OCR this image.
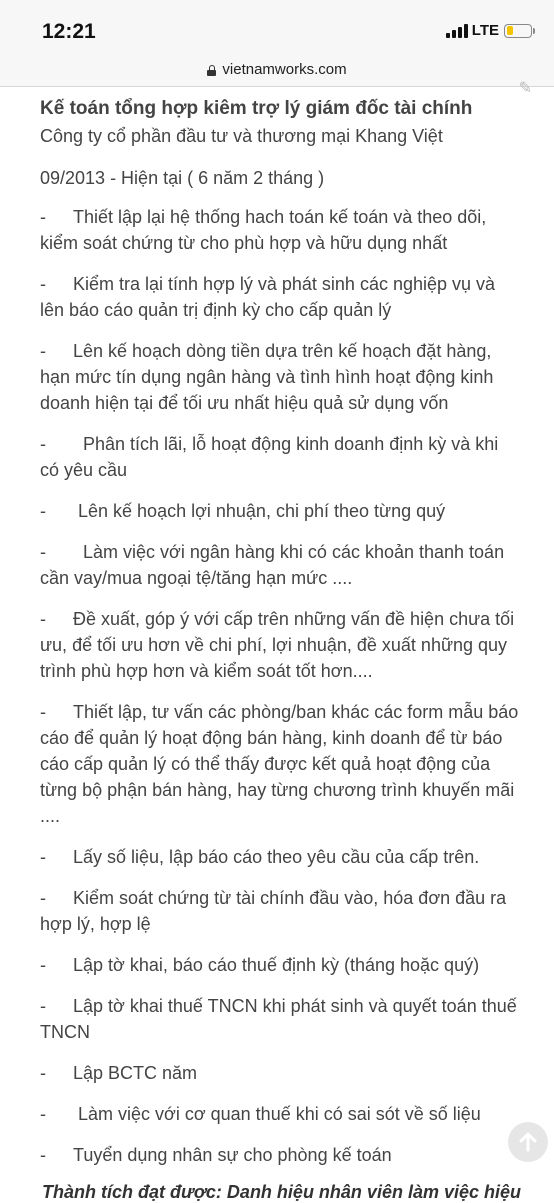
12:21	LTE
vietnamworks.com
✎
Kế toán tổng hợp kiêm trợ lý giám đốc tài chính

Công ty cổ phần đầu tư và thương mại Khang Việt

09/2013 - Hiện tại ( 6 năm 2 tháng )

- Thiết lập lại hệ thống hach toán kế toán và theo dõi, kiểm soát chứng từ cho phù hợp và hữu dụng nhất

- Kiểm tra lại tính hợp lý và phát sinh các nghiệp vụ và lên báo cáo quản trị định kỳ cho cấp quản lý

- Lên kế hoạch dòng tiền dựa trên kế hoạch đặt hàng, hạn mức tín dụng ngân hàng và tình hình hoạt động kinh doanh hiện tại để tối ưu nhất hiệu quả sử dụng vốn

- Phân tích lãi, lỗ hoạt động kinh doanh định kỳ và khi có yêu cầu

- Lên kế hoạch lợi nhuận, chi phí theo từng quý

- Làm việc với ngân hàng khi có các khoản thanh toán cần vay/mua ngoại tệ/tăng hạn mức ....

- Đề xuất, góp ý với cấp trên những vấn đề hiện chưa tối ưu, để tối ưu hơn về chi phí, lợi nhuận, đề xuất những quy trình phù hợp hơn và kiểm soát tốt hơn....

- Thiết lập, tư vấn các phòng/ban khác các form mẫu báo cáo để quản lý hoạt động bán hàng, kinh doanh để từ báo cáo cấp quản lý có thể thấy được kết quả hoạt động của từng bộ phận bán hàng, hay từng chương trình khuyến mãi ....

- Lấy số liệu, lập báo cáo theo yêu cầu của cấp trên.

- Kiểm soát chứng từ tài chính đầu vào, hóa đơn đầu ra hợp lý, hợp lệ

- Lập tờ khai, báo cáo thuế định kỳ (tháng hoặc quý)

- Lập tờ khai thuế TNCN khi phát sinh và quyết toán thuế TNCN

- Lập BCTC năm

- Làm việc với cơ quan thuế khi có sai sót về số liệu

- Tuyển dụng nhân sự cho phòng kế toán

Thành tích đạt được: Danh hiệu nhân viên làm việc hiệu
